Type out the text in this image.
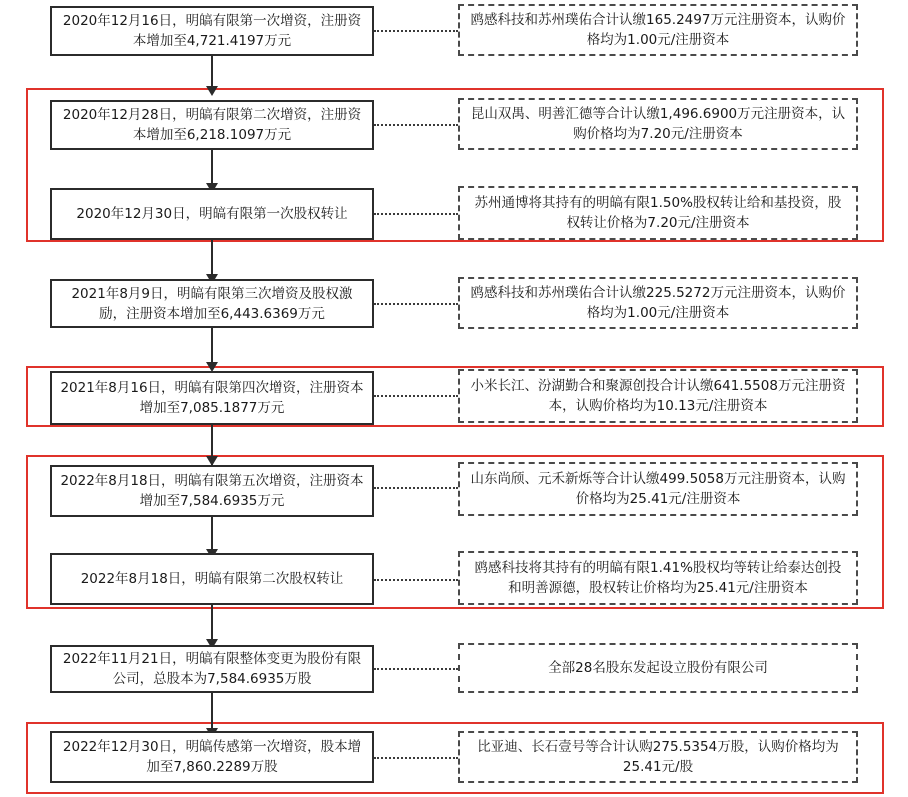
2020年12月16日，明皜有限第一次增资，注册资本增加至4,721.4197万元
2020年12月28日，明皜有限第二次增资，注册资本增加至6,218.1097万元
2020年12月30日，明皜有限第一次股权转让
2021年8月9日，明皜有限第三次增资及股权激励，注册资本增加至6,443.6369万元
2021年8月16日，明皜有限第四次增资，注册资本增加至7,085.1877万元
2022年8月18日，明皜有限第五次增资，注册资本增加至7,584.6935万元
2022年8月18日，明皜有限第二次股权转让
2022年11月21日，明皜有限整体变更为股份有限公司，总股本为7,584.6935万股
2022年12月30日，明皜传感第一次增资，股本增加至7,860.2289万股
鸥感科技和苏州璞佑合计认缴165.2497万元注册资本，认购价格均为1.00元/注册资本
昆山双禺、明善汇德等合计认缴1,496.6900万元注册资本，认购价格均为7.20元/注册资本
苏州通博将其持有的明皜有限1.50%股权转让给和基投资，股权转让价格为7.20元/注册资本
鸥感科技和苏州璞佑合计认缴225.5272万元注册资本，认购价格均为1.00元/注册资本
小米长江、汾湖勤合和聚源创投合计认缴641.5508万元注册资本，认购价格均为10.13元/注册资本
山东尚颀、元禾新烁等合计认缴499.5058万元注册资本，认购价格均为25.41元/注册资本
鸥感科技将其持有的明皜有限1.41%股权均等转让给泰达创投和明善源德，股权转让价格均为25.41元/注册资本
全部28名股东发起设立股份有限公司
比亚迪、长石壹号等合计认购275.5354万股，认购价格均为25.41元/股
